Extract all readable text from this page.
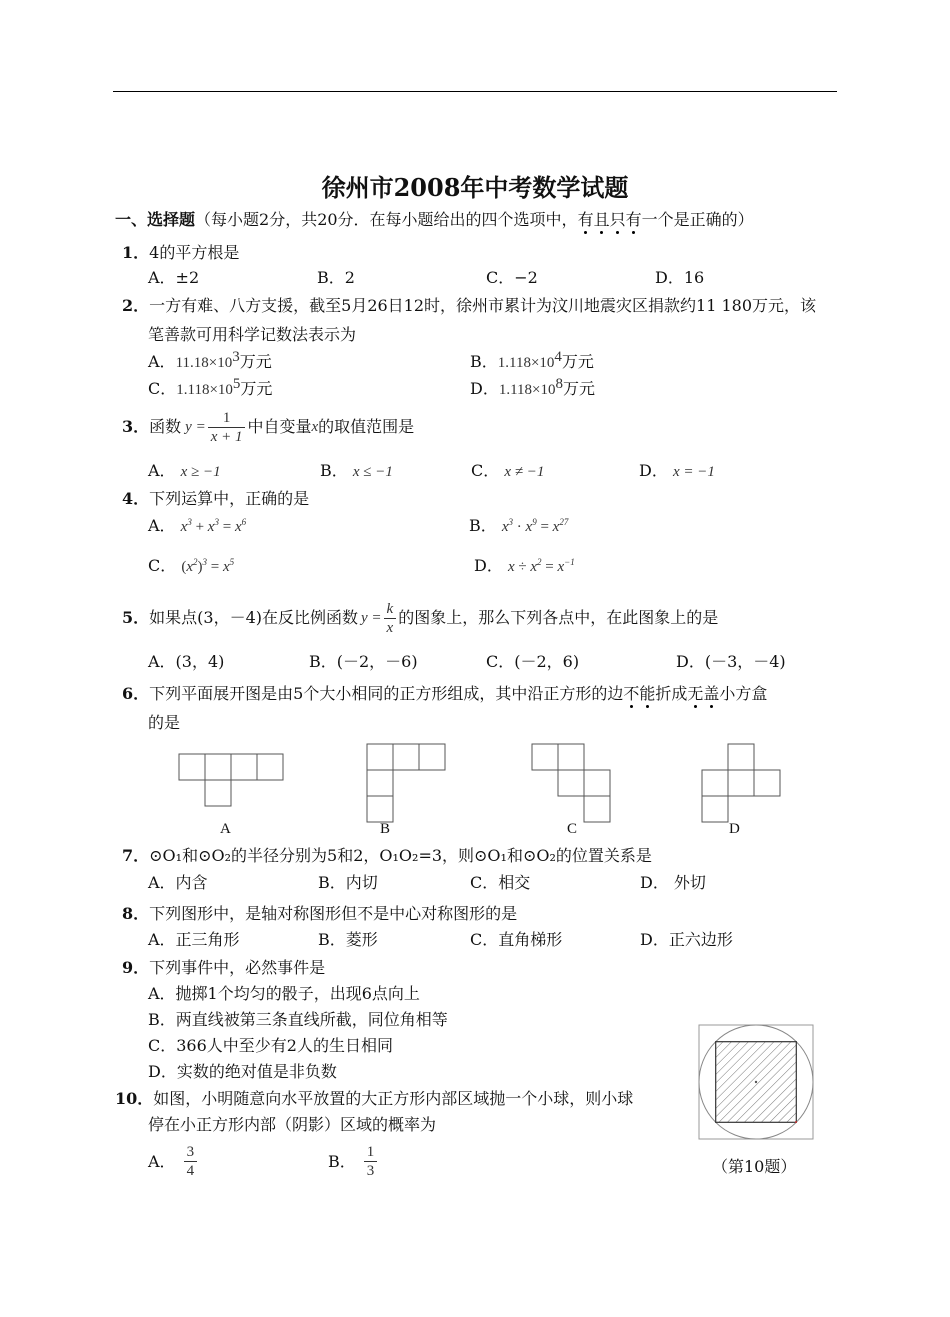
徐州市2008年中考数学试题
一、选择题（每小题2分，共20分．在每小题给出的四个选项中，有且只有一个是正确的）
1．4的平方根是
A．±2	B．2	C．−2	D．16
2．一方有难、八方支援，截至5月26日12时，徐州市累计为汶川地震灾区捐款约11 180万元，该
笔善款可用科学记数法表示为
A．$11.18\times 10^3$万元	B．$1.118\times 10^4$万元
C．$1.118\times 10^5$万元	D．$1.118\times 10^8$万元
3． 函数 $y = \frac{1}{x + 1}$ 中自变量 x 的取值范围是
A． x ≥ −1	B． x ≤ −1	C． x ≠ −1	D． x = −1
4．下列运算中，正确的是
A． $x^3 + x^3 = x^6$	B． $x^3 \cdot x^9 = x^{27}$
C． $(x^2)^3 = x^5$	D． $x \div x^2 = x^{-1}$
5． 如果点(3，－4)在反比例函数 $y = \frac{k}{x}$ 的图象上，那么下列各点中，在此图象上的是
A．(3，4)	B．(－2，－6)	C．(－2，6)	D．(－3，－4)
6．下列平面展开图是由5个大小相同的正方形组成，其中沿正方形的边不能折成无盖小方盒
的是
A	B	C	D
7．⊙O₁和⊙O₂的半径分别为5和2，O₁O₂=3，则⊙O₁和⊙O₂的位置关系是
A．内含	B．内切	C．相交	D． 外切
8．下列图形中，是轴对称图形但不是中心对称图形的是
A．正三角形	B．菱形	C．直角梯形	D．正六边形
9．下列事件中，必然事件是
A．抛掷1个均匀的骰子，出现6点向上
B．两直线被第三条直线所截，同位角相等
C．366人中至少有2人的生日相同
D．实数的绝对值是非负数
10．如图，小明随意向水平放置的大正方形内部区域抛一个小球，则小球
停在小正方形内部（阴影）区域的概率为
A． $\frac{3}{4}$	B． $\frac{1}{3}$	（第10题）
